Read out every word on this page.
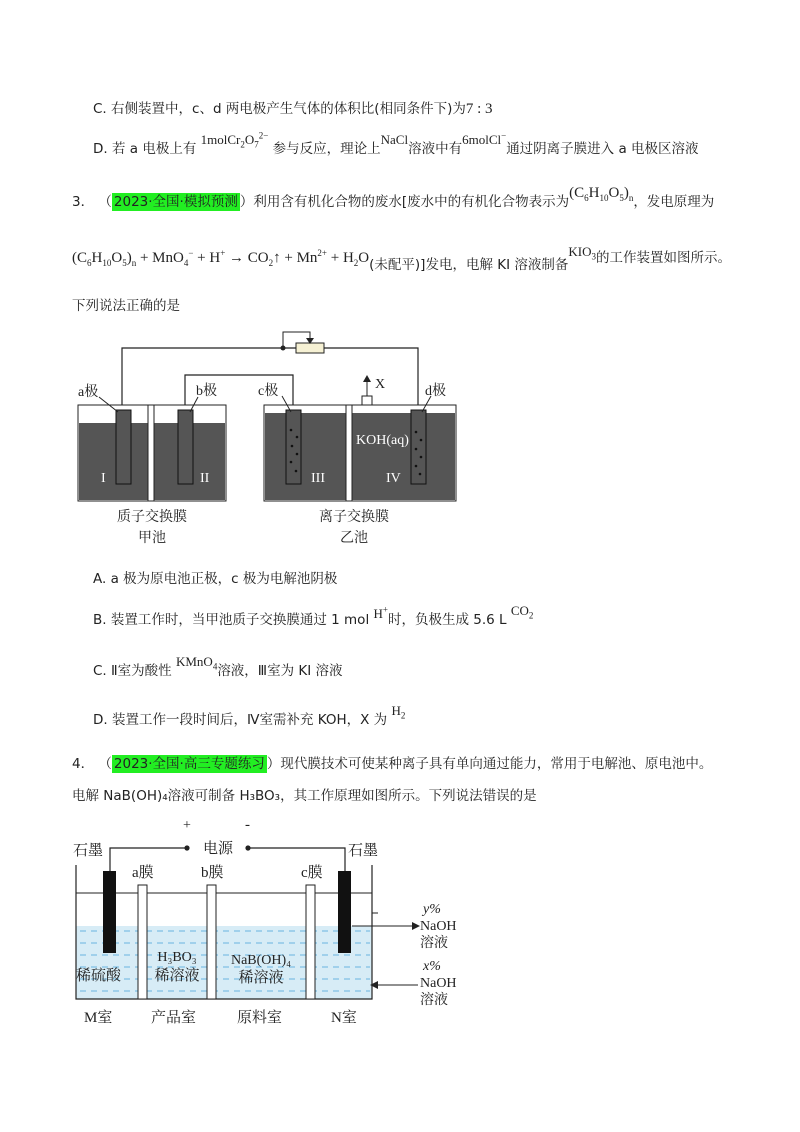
C. 右侧装置中，c、d 两电极产生气体的体积比(相同条件下)为7 : 3
D. 若 a 电极上有 $1molCr_2O_7^{2-}$ 参与反应，理论上NaCl溶液中有6molCl−通过阴离子膜进入 a 电极区溶液
3． （ 2023·全国·模拟预测 ）利用含有机化合物的废水[废水中的有机化合物表示为$(C_6H_{10}O_5)_n$，发电原理为
$(C_6H_{10}O_5)_n + MnO_4^- + H^+$ → $CO_2↑ + Mn^{2+} + H_2O$(未配平)]发电，电解 KI 溶液制备$KIO_3$的工作装置如图所示。
下列说法正确的是
a极	b极
I	II
质子交换膜
甲池
c极	d极
X
KOH(aq)
III	IV
离子交换膜
乙池
A. a 极为原电池正极，c 极为电解池阴极
B. 装置工作时，当甲池质子交换膜通过 1 mol H+时，负极生成 5.6 L $CO_2$
C. Ⅱ室为酸性 KMnO$_4$溶液，Ⅲ室为 KI 溶液
D. 装置工作一段时间后，Ⅳ室需补充 KOH，X 为 $H_2$
4． （ 2023·全国·高三专题练习 ）现代膜技术可使某种离子具有单向通过能力，常用于电解池、原电池中。
电解 NaB(OH)₄溶液可制备 H₃BO₃，其工作原理如图所示。下列说法错误的是
+	-
电源
石墨	石墨
a膜	b膜	c膜
稀硫酸
H₃BO₃
稀溶液
NaB(OH)₄
稀溶液
y%
NaOH
溶液
x%
NaOH
溶液
M室	产品室	原料室	N室
